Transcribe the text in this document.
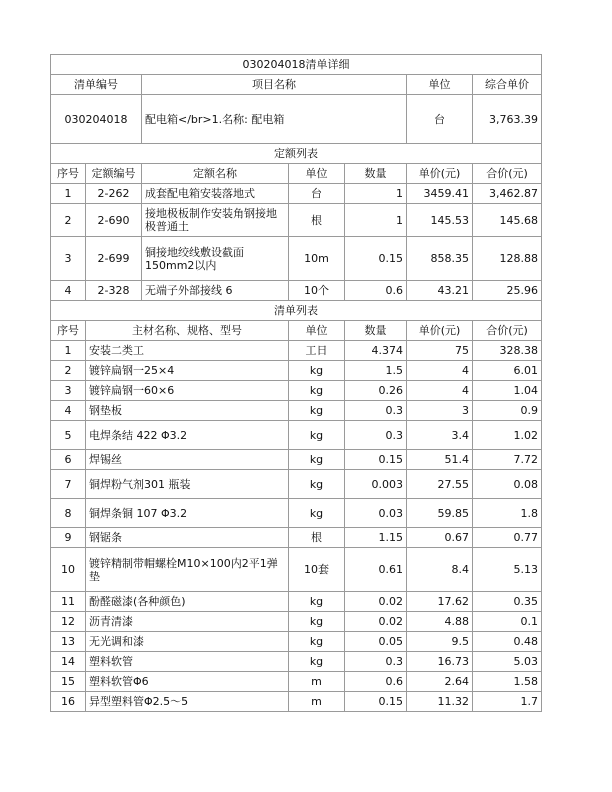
030204018清单详细						
清单编号		项目名称			单位	综合单价
030204018		配电箱</br>1.名称: 配电箱			台	3,763.39
定额列表						
序号	定额编号	定额名称	单位	数量	单价(元)	合价(元)
1	2-262	成套配电箱安装落地式	台	1	3459.41	3,462.87
2	2-690	接地极板制作安装角钢接地极普通土	根	1	145.53	145.68
3	2-699	铜接地绞线敷设截面150mm2以内	10m	0.15	858.35	128.88
4	2-328	无端子外部接线 6	10个	0.6	43.21	25.96
清单列表						
序号	主材名称、规格、型号		单位	数量	单价(元)	合价(元)
1	安装二类工		工日	4.374	75	328.38
2	镀锌扁钢一25×4		kg	1.5	4	6.01
3	镀锌扁钢一60×6		kg	0.26	4	1.04
4	钢垫板		kg	0.3	3	0.9
5	电焊条结 422 Φ3.2		kg	0.3	3.4	1.02
6	焊锡丝		kg	0.15	51.4	7.72
7	铜焊粉气剂301 瓶装		kg	0.003	27.55	0.08
8	铜焊条铜 107 Φ3.2		kg	0.03	59.85	1.8
9	钢锯条		根	1.15	0.67	0.77
10	镀锌精制带帽螺栓M10×100内2平1弹垫		10套	0.61	8.4	5.13
11	酚醛磁漆(各种颜色)		kg	0.02	17.62	0.35
12	沥青清漆		kg	0.02	4.88	0.1
13	无光调和漆		kg	0.05	9.5	0.48
14	塑料软管		kg	0.3	16.73	5.03
15	塑料软管Φ6		m	0.6	2.64	1.58
16	异型塑料管Φ2.5～5		m	0.15	11.32	1.7
